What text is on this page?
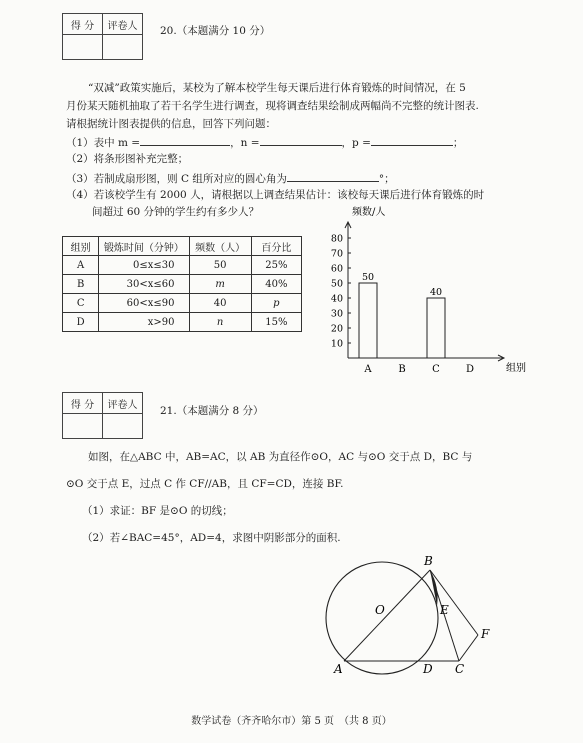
得 分	评卷人
	20.（本题满分 10 分）
“双减”政策实施后，某校为了解本校学生每天课后进行体育锻炼的时间情况，在 5
月份某天随机抽取了若干名学生进行调查，现将调查结果绘制成两幅尚不完整的统计图表.
请根据统计图表提供的信息，回答下列问题：
（1）表中 m =	，n =	，p =	；
（2）将条形图补充完整；
（3）若制成扇形图，则 C 组所对应的圆心角为	°；
（4）若该校学生有 2000 人，请根据以上调查结果估计：该校每天课后进行体育锻炼的时
间超过 60 分钟的学生约有多少人？
组别	锻炼时间（分钟）	频数（人）	百分比
A	0≤x≤30	50	25%
B	30<x≤60	m	40%
C	60<x≤90	40	p
D	x>90	n	15%
频数/人
组别
10
20
30
40
50
60
70
80
A
50
B	C
40
D
得 分	评卷人
	21.（本题满分 8 分）
如图，在△ABC 中，AB=AC，以 AB 为直径作⊙O，AC 与⊙O 交于点 D，BC 与
⊙O 交于点 E，过点 C 作 CF//AB，且 CF=CD，连接 BF.
（1）求证：BF 是⊙O 的切线；
（2）若∠BAC=45°，AD=4，求图中阴影部分的面积.
B
O	E
F
A	D C
数学试卷（齐齐哈尔市）第 5 页　（共 8 页）
